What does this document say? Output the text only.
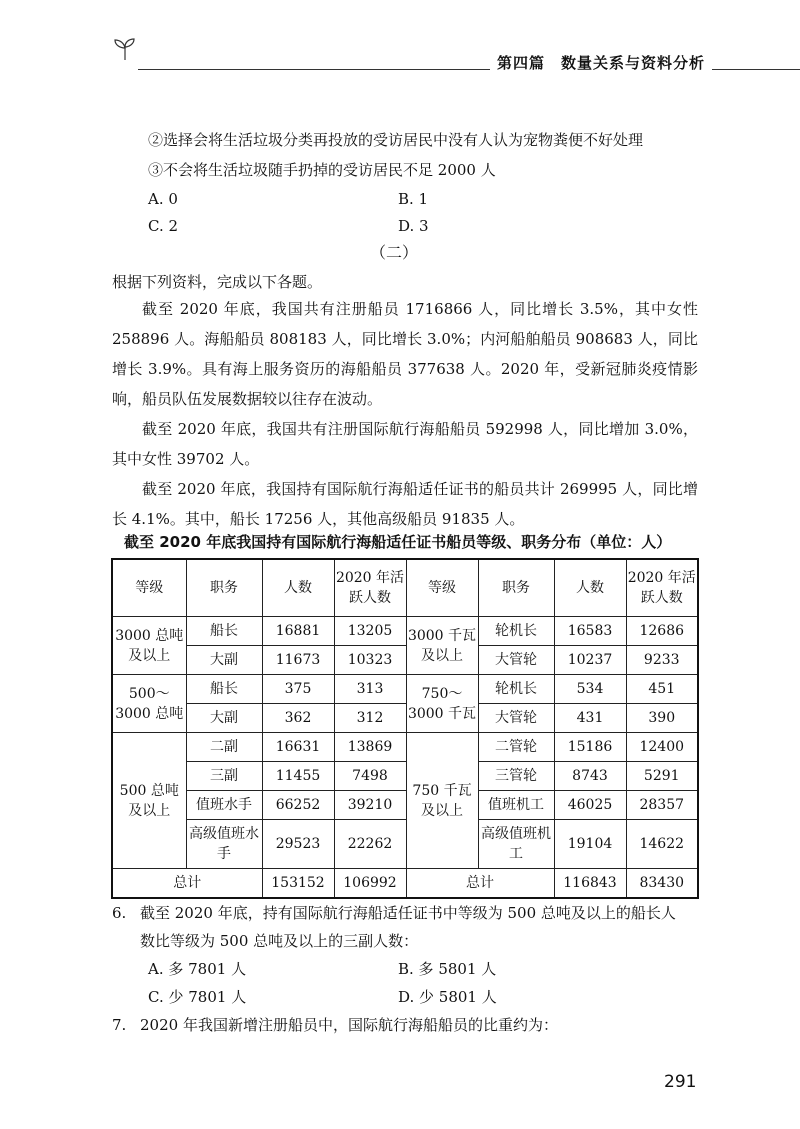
第四篇　数量关系与资料分析
②选择会将生活垃圾分类再投放的受访居民中没有人认为宠物粪便不好处理
③不会将生活垃圾随手扔掉的受访居民不足 2000 人
A. 0	B. 1
C. 2	D. 3
（二）
根据下列资料，完成以下各题。
截至 2020 年底，我国共有注册船员 1716866 人，同比增长 3.5%，其中女性 258896 人。海船船员 808183 人，同比增长 3.0%；内河船舶船员 908683 人，同比增长 3.9%。具有海上服务资历的海船船员 377638 人。2020 年，受新冠肺炎疫情影响，船员队伍发展数据较以往存在波动。
截至 2020 年底，我国共有注册国际航行海船船员 592998 人，同比增加 3.0%，其中女性 39702 人。
截至 2020 年底，我国持有国际航行海船适任证书的船员共计 269995 人，同比增长 4.1%。其中，船长 17256 人，其他高级船员 91835 人。
截至 2020 年底我国持有国际航行海船适任证书船员等级、职务分布（单位：人）
等级	职务	人数	2020 年活跃人数	等级	职务	人数	2020 年活跃人数
3000 总吨及以上	船长	16881	13205	3000 千瓦及以上	轮机长	16583	12686
	大副	11673	10323		大管轮	10237	9233
500～3000 总吨	船长	375	313	750～3000 千瓦	轮机长	534	451
	大副	362	312		大管轮	431	390
500 总吨及以上	二副	16631	13869	750 千瓦及以上	二管轮	15186	12400
	三副	11455	7498		三管轮	8743	5291
	值班水手	66252	39210		值班机工	46025	28357
	高级值班水手	29523	22262		高级值班机工	19104	14622
总计		153152	106992	总计		116843	83430
6. 截至 2020 年底，持有国际航行海船适任证书中等级为 500 总吨及以上的船长人
数比等级为 500 总吨及以上的三副人数：
A. 多 7801 人	B. 多 5801 人
C. 少 7801 人	D. 少 5801 人
7. 2020 年我国新增注册船员中，国际航行海船船员的比重约为：
291
